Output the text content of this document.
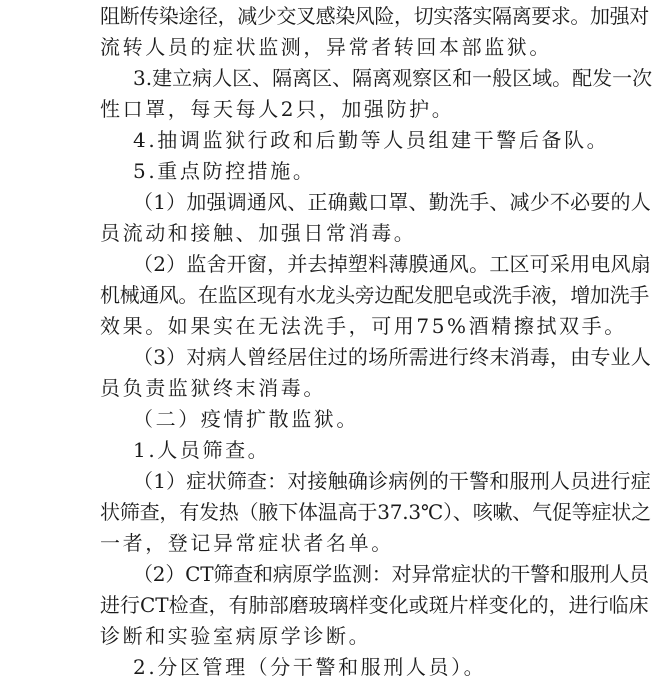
阻断传染途径，减少交叉感染风险，切实落实隔离要求。加强对

流转人员的症状监测，异常者转回本部监狱。

3.建立病人区、隔离区、隔离观察区和一般区域。配发一次

性口罩，每天每人2只，加强防护。

4.抽调监狱行政和后勤等人员组建干警后备队。

5.重点防控措施。

（1）加强调通风、正确戴口罩、勤洗手、减少不必要的人

员流动和接触、加强日常消毒。

（2）监舍开窗，并去掉塑料薄膜通风。工区可采用电风扇

机械通风。在监区现有水龙头旁边配发肥皂或洗手液，增加洗手

效果。如果实在无法洗手，可用75%酒精擦拭双手。

（3）对病人曾经居住过的场所需进行终末消毒，由专业人

员负责监狱终末消毒。

（二）疫情扩散监狱。

1.人员筛查。

（1）症状筛查：对接触确诊病例的干警和服刑人员进行症

状筛查，有发热（腋下体温高于37.3℃）、咳嗽、气促等症状之

一者，登记异常症状者名单。

（2）CT筛查和病原学监测：对异常症状的干警和服刑人员

进行CT检查，有肺部磨玻璃样变化或斑片样变化的，进行临床

诊断和实验室病原学诊断。

2.分区管理（分干警和服刑人员）。
